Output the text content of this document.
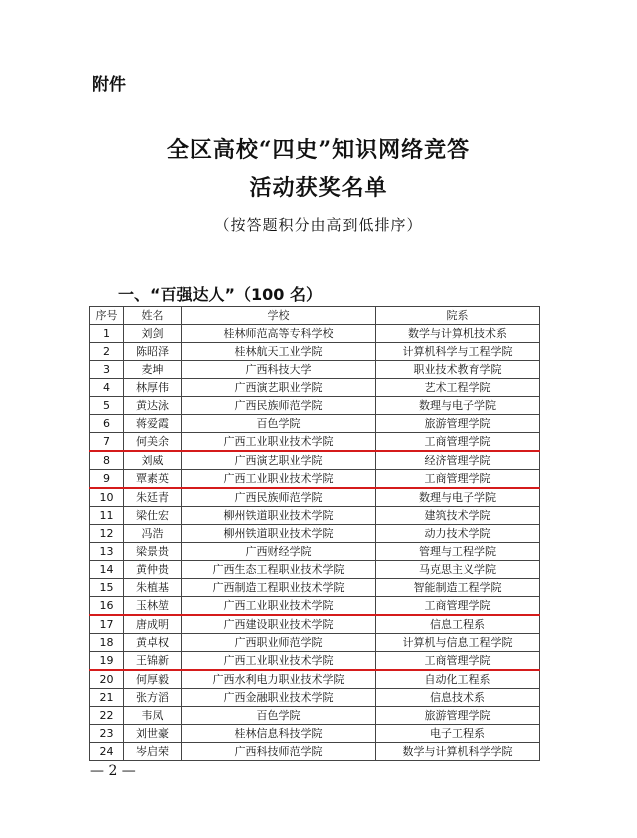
附件
全区高校“四史”知识网络竞答
活动获奖名单
（按答题积分由高到低排序）
一、“百强达人”（100 名）
序号	姓名	学校	院系
1	刘剑	桂林师范高等专科学校	数学与计算机技术系
2	陈昭泽	桂林航天工业学院	计算机科学与工程学院
3	麦坤	广西科技大学	职业技术教育学院
4	林厚伟	广西演艺职业学院	艺术工程学院
5	黄达泳	广西民族师范学院	数理与电子学院
6	蒋爱霞	百色学院	旅游管理学院
7	何美余	广西工业职业技术学院	工商管理学院
8	刘威	广西演艺职业学院	经济管理学院
9	覃素英	广西工业职业技术学院	工商管理学院
10	朱廷青	广西民族师范学院	数理与电子学院
11	梁仕宏	柳州铁道职业技术学院	建筑技术学院
12	冯浩	柳州铁道职业技术学院	动力技术学院
13	梁景贵	广西财经学院	管理与工程学院
14	黄仲贵	广西生态工程职业技术学院	马克思主义学院
15	朱植基	广西制造工程职业技术学院	智能制造工程学院
16	玉林堃	广西工业职业技术学院	工商管理学院
17	唐成明	广西建设职业技术学院	信息工程系
18	黄卓权	广西职业师范学院	计算机与信息工程学院
19	王锦新	广西工业职业技术学院	工商管理学院
20	何厚毅	广西水利电力职业技术学院	自动化工程系
21	张方滔	广西金融职业技术学院	信息技术系
22	韦凤	百色学院	旅游管理学院
23	刘世豪	桂林信息科技学院	电子工程系
24	岑启荣	广西科技师范学院	数学与计算机科学学院
— 2 —
